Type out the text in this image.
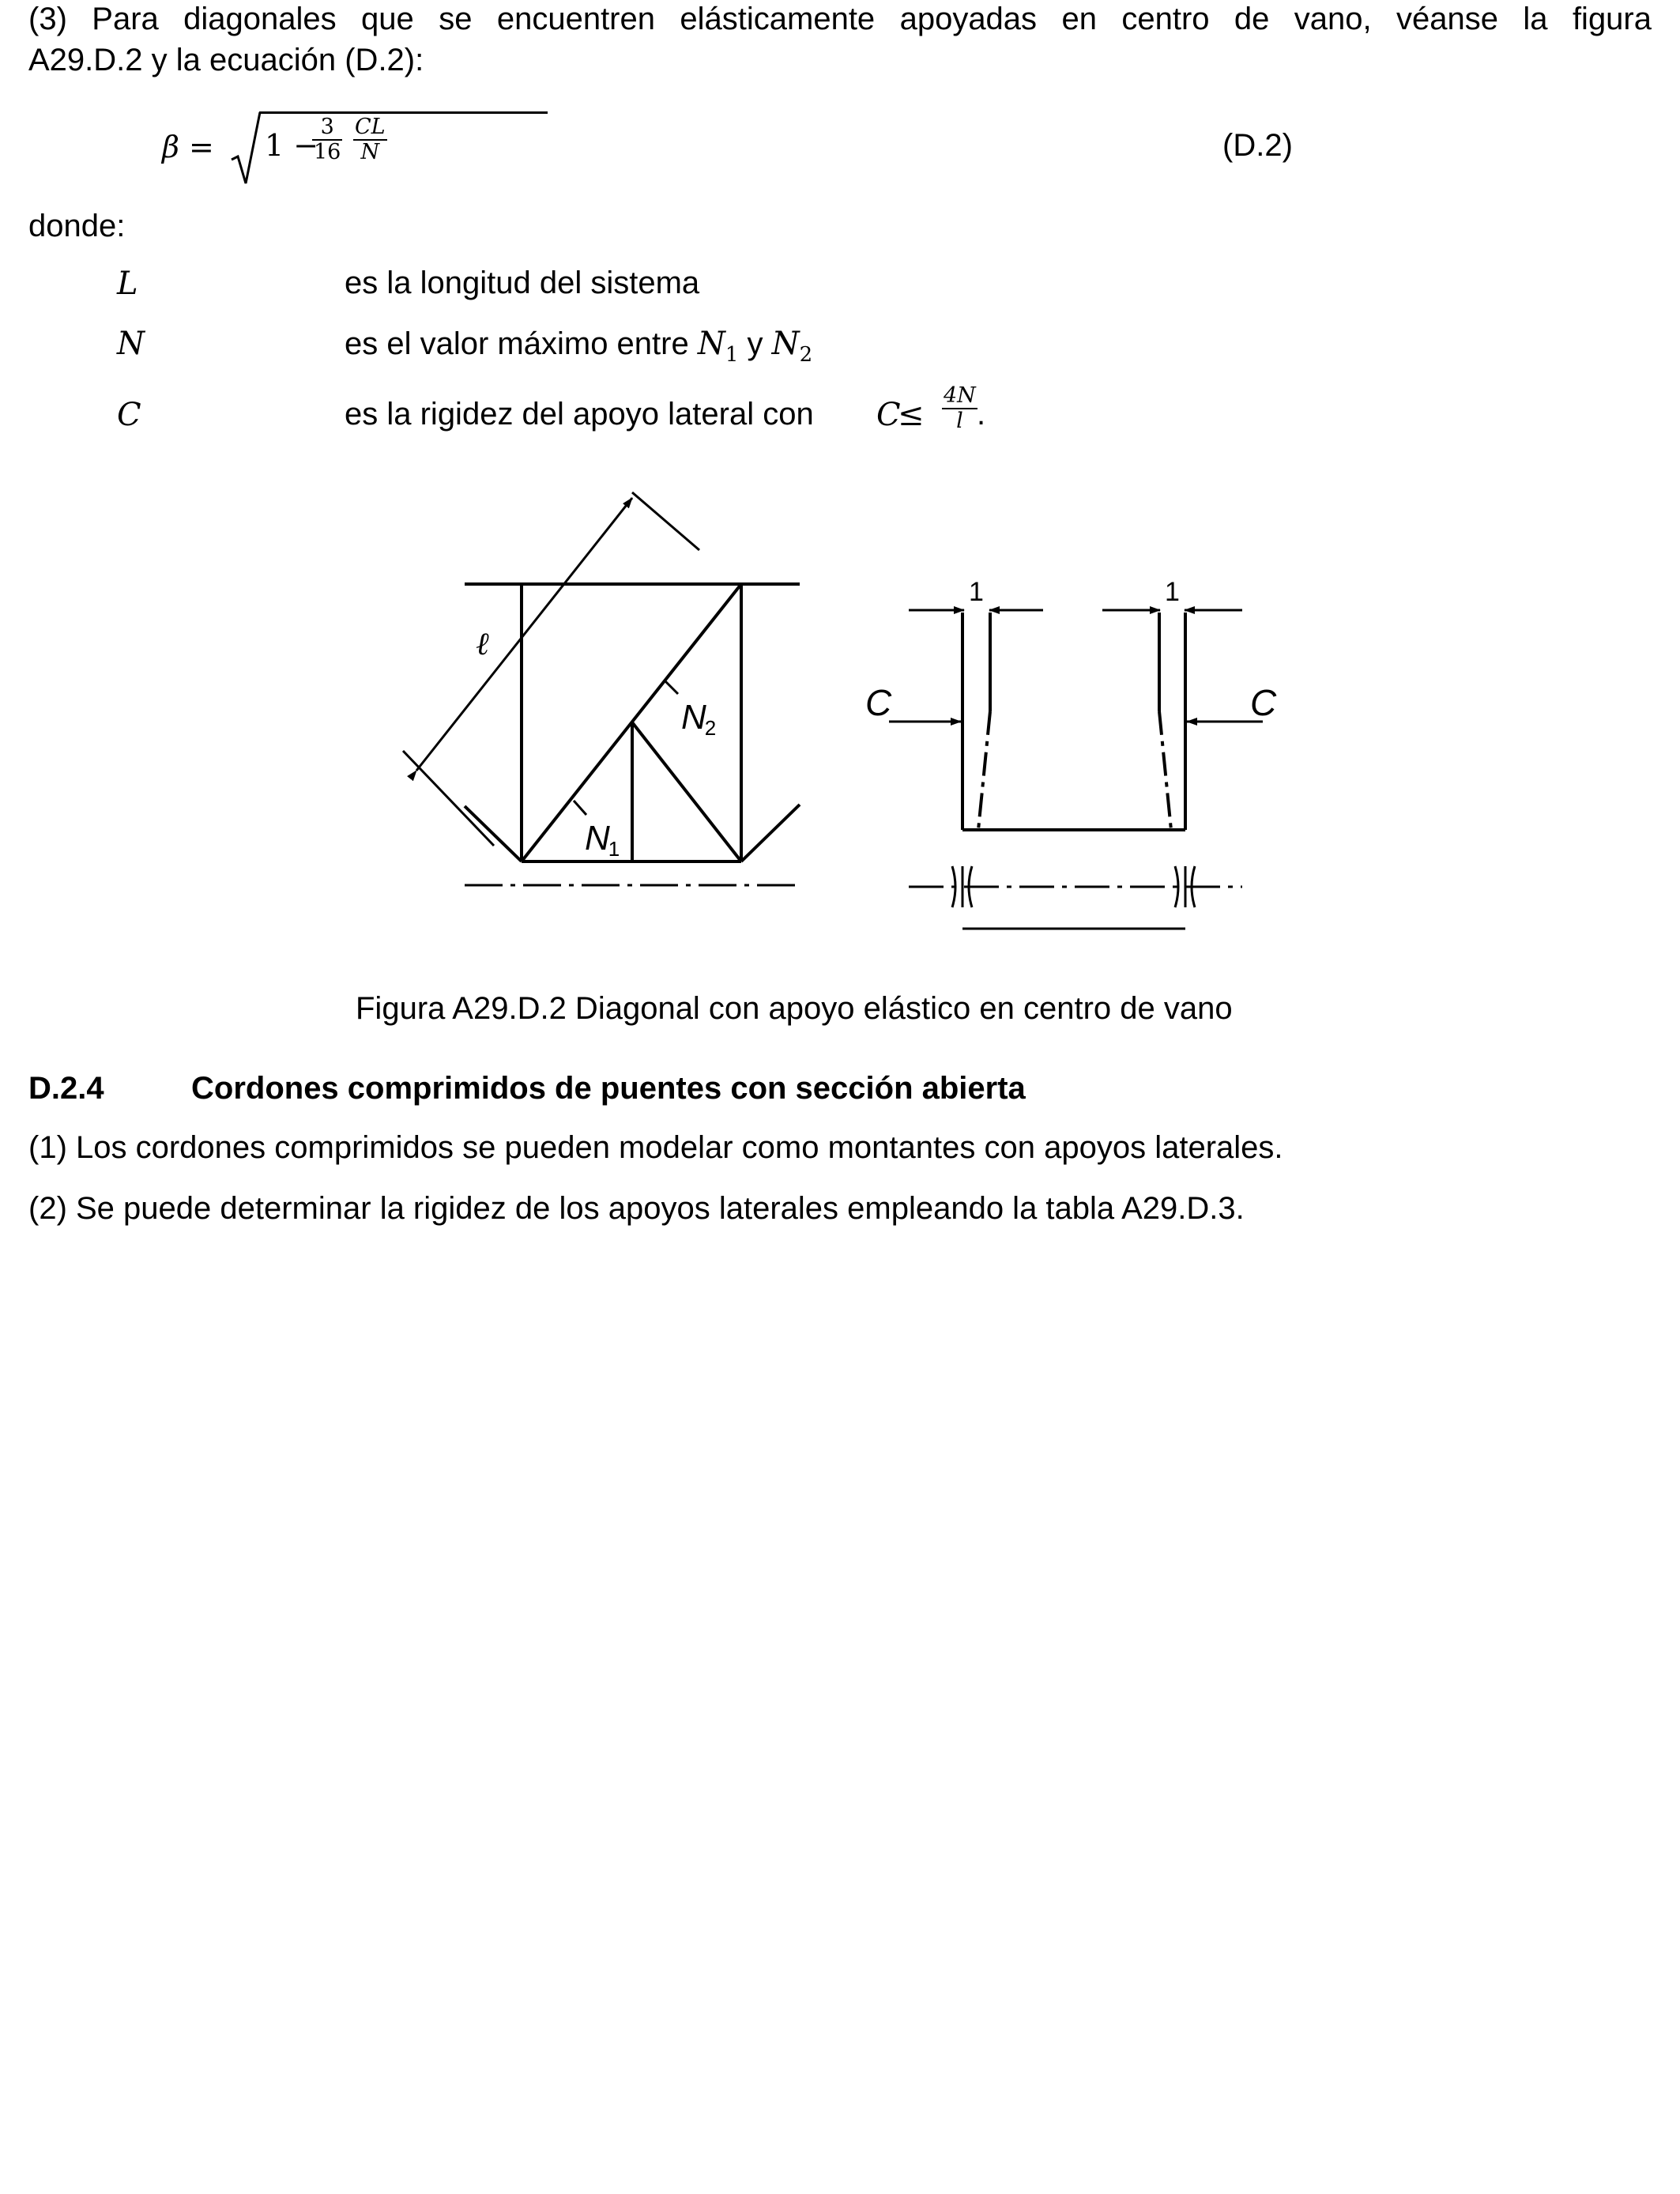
(3) Para diagonales que se encuentren elásticamente apoyadas en centro de vano, véanse la figura
A29.D.2 y la ecuación (D.2):
β = 1 −
$\frac{3}{16} \frac{CL}{N}$	(D.2)
donde:
L	es la longitud del sistema
N	es el valor máximo entre $N_1$ y $N_2$
C	es la rigidez del apoyo lateral con C
≤ $\frac{4N}{l}$ .
ℓ
N2
N1
1	1
C	C
Figura A29.D.2 Diagonal con apoyo elástico en centro de vano
D.2.4	Cordones comprimidos de puentes con sección abierta
(1) Los cordones comprimidos se pueden modelar como montantes con apoyos laterales.
(2) Se puede determinar la rigidez de los apoyos laterales empleando la tabla A29.D.3.
